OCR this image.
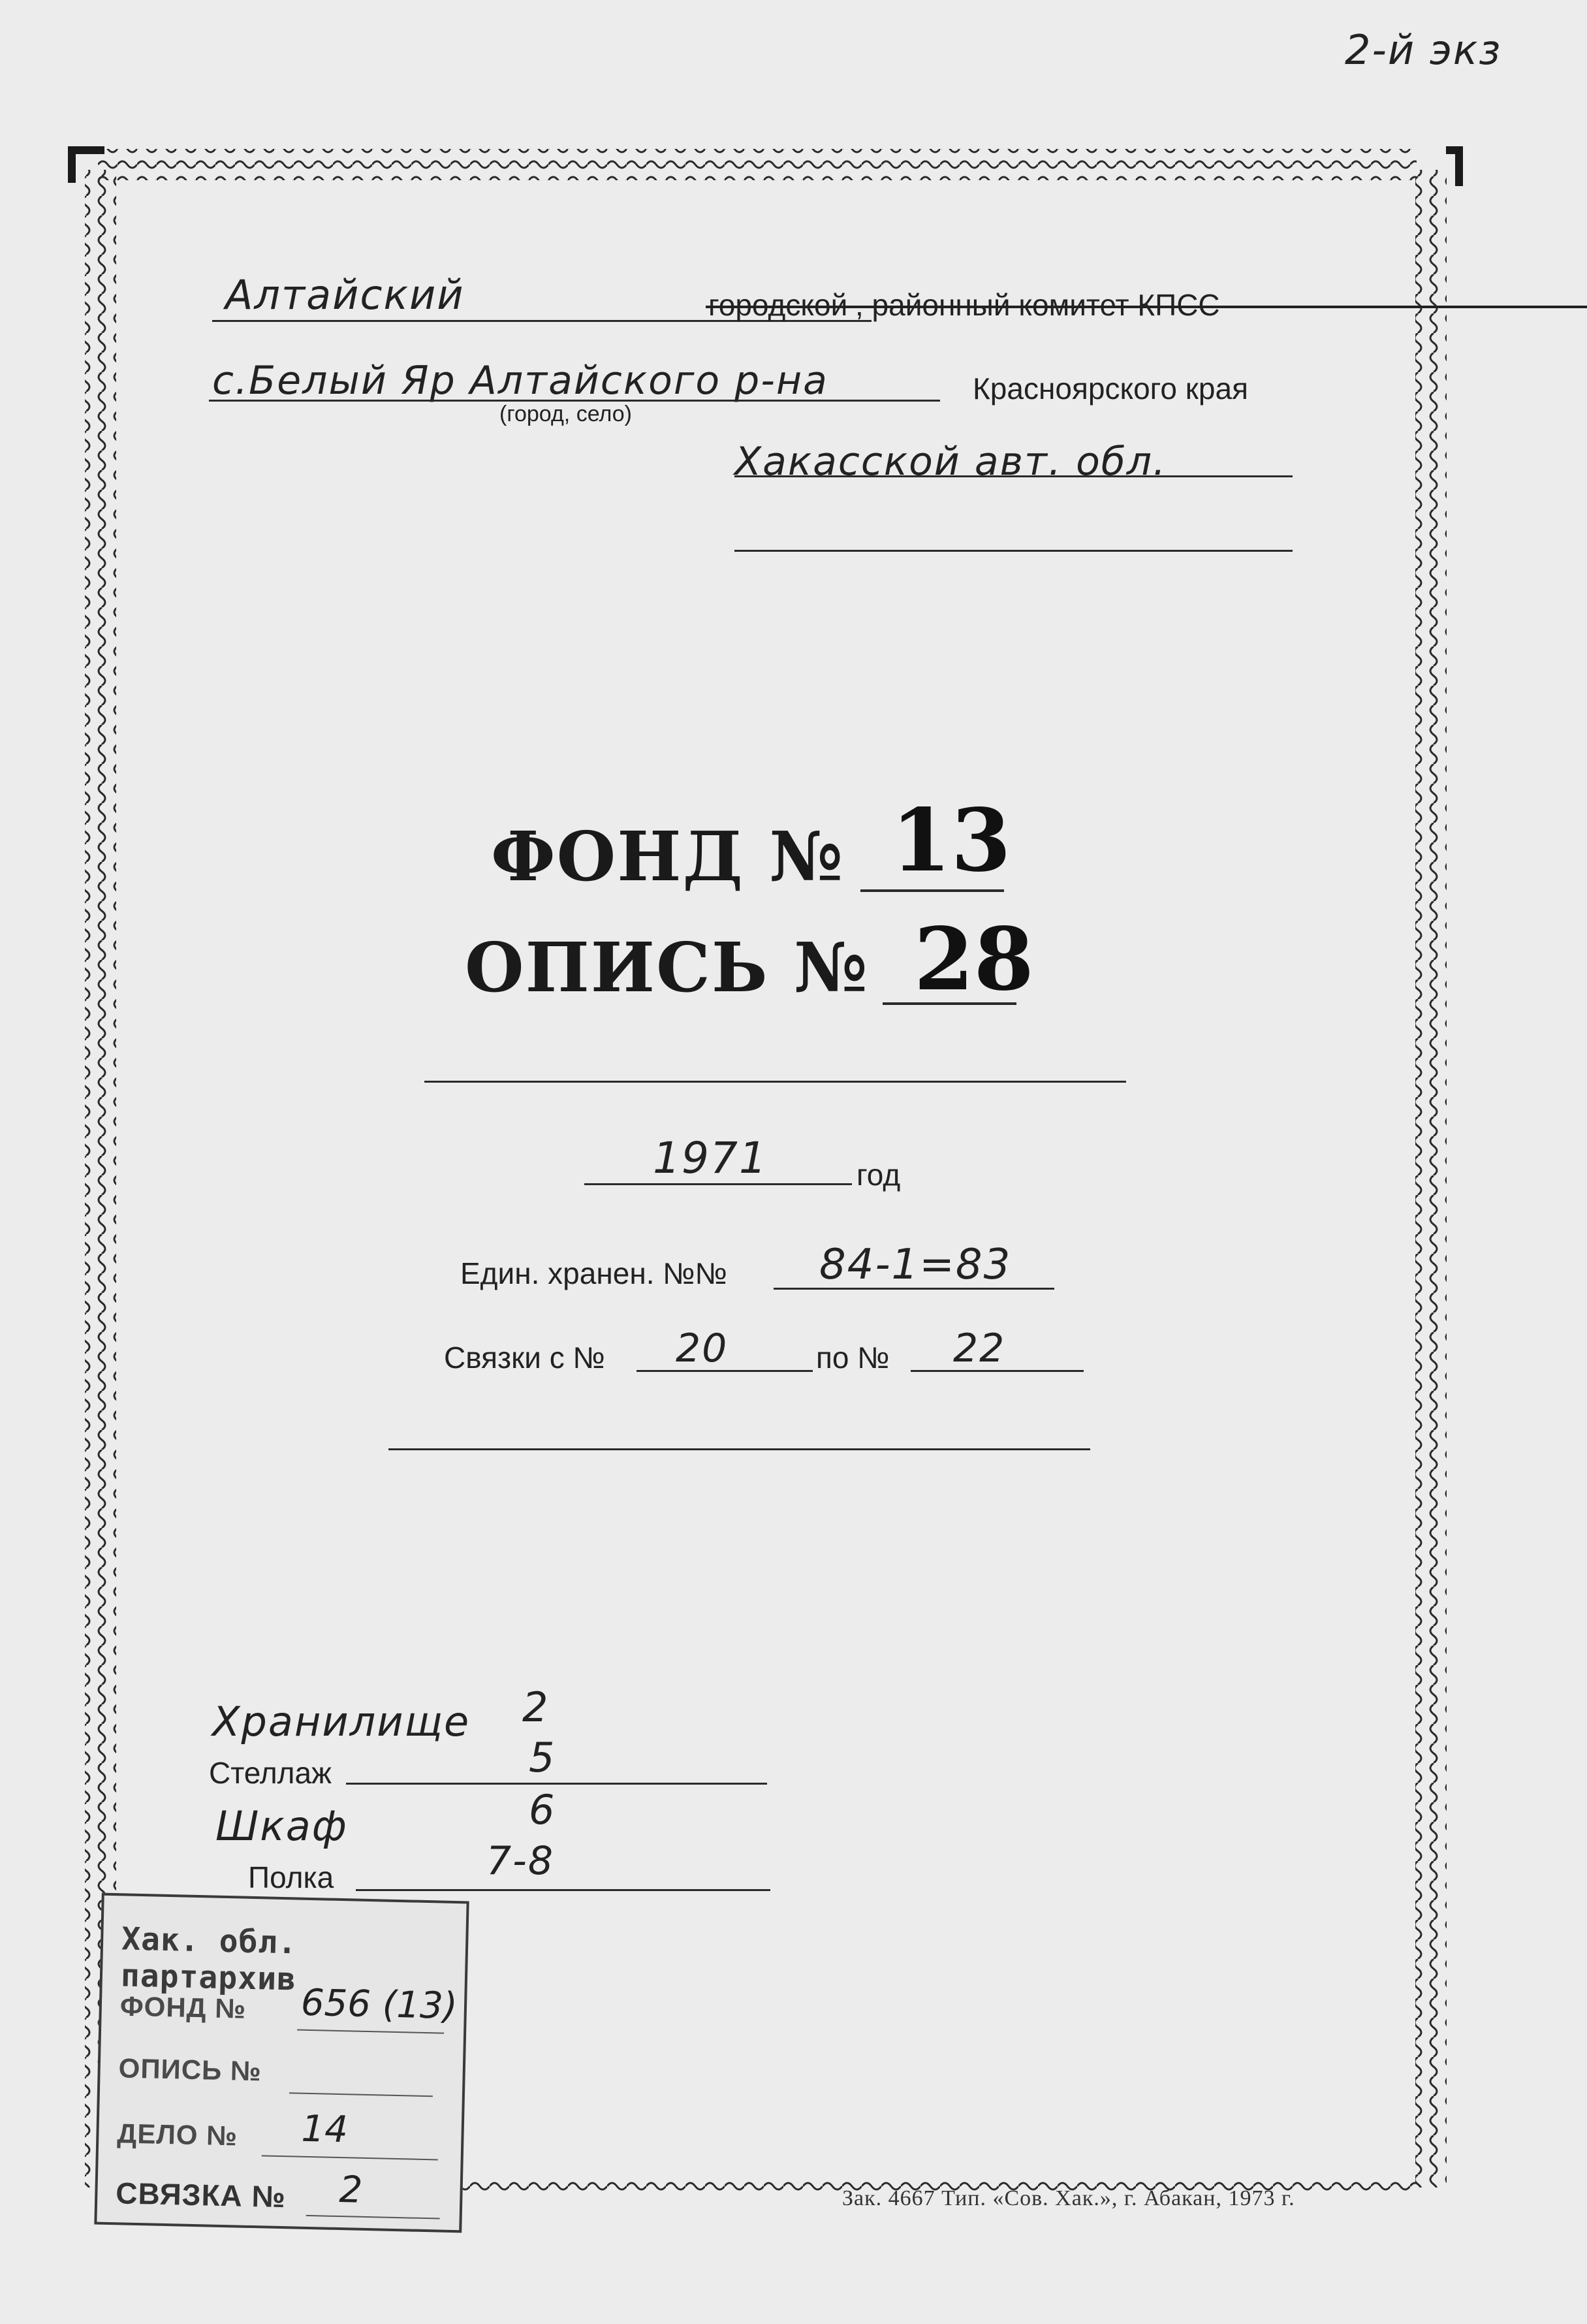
2-й экз
Алтайский	городской , районный комитет КПСС
с.Белый Яр Алтайского р-на	Красноярского края
(город, село)
Хакасской авт. обл.
ФОНД № 13
ОПИСЬ № 28
1971	год
Един. хранен. №№ 84-1=83
Связки с № 20	по № 22
Хранилище 2
Стеллаж	5
Шкаф	6
Полка	7-8
Хак. обл. партархив
ФОНД № 656 (13)
ОПИСЬ №
ДЕЛО № 14
СВЯЗКА № 2	Зак. 4667 Тип. «Сов. Хак.», г. Абакан, 1973 г.
